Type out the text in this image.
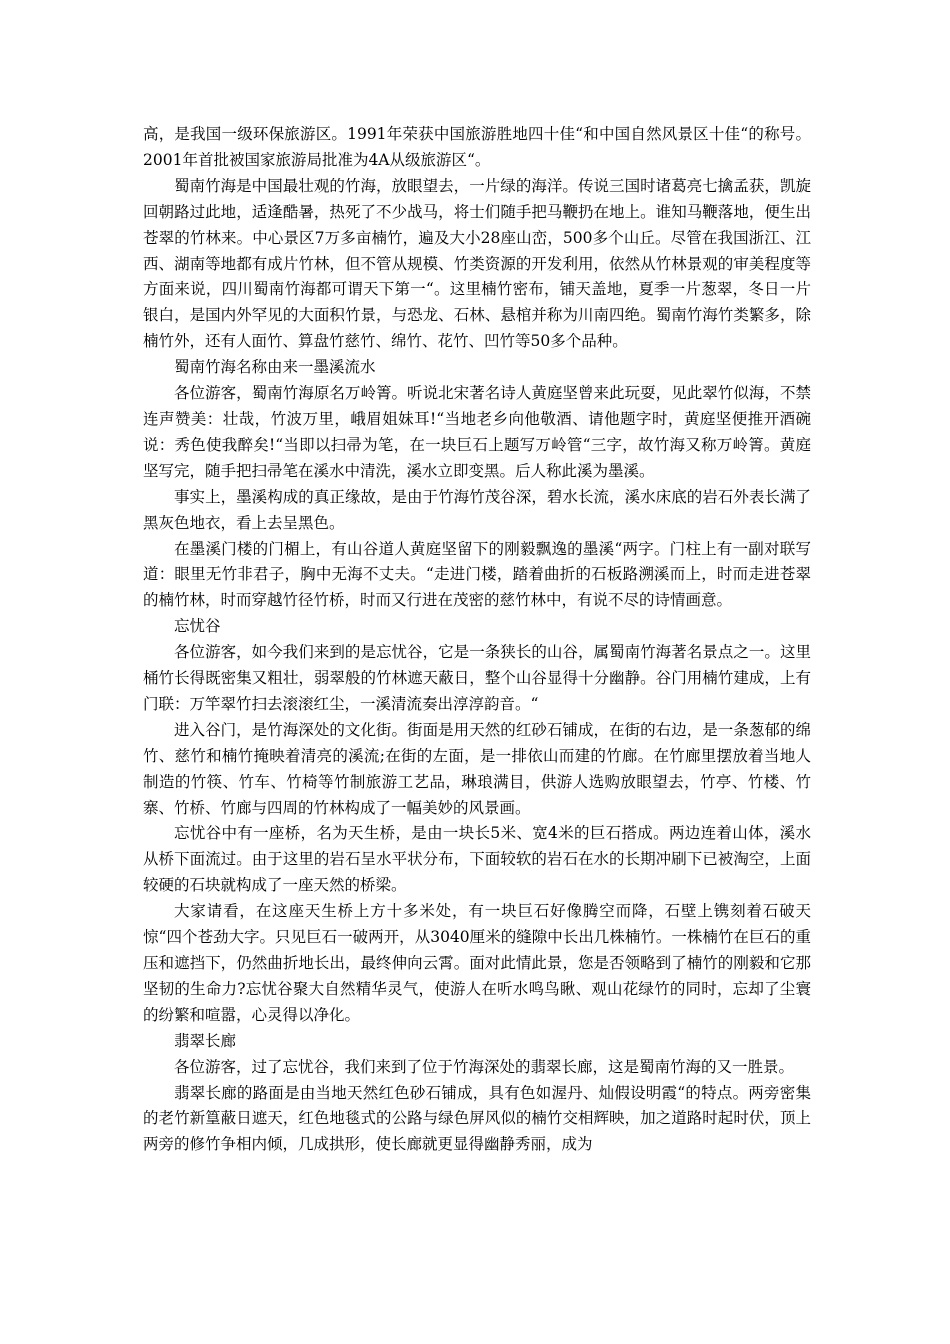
高，是我国一级环保旅游区。1991年荣获中国旅游胜地四十佳“和中国自然风景区十佳“的称号。2001年首批被国家旅游局批准为4A从级旅游区“。

蜀南竹海是中国最壮观的竹海，放眼望去，一片绿的海洋。传说三国时诸葛亮七擒孟获，凯旋回朝路过此地，适逢酷暑，热死了不少战马，将士们随手把马鞭扔在地上。谁知马鞭落地，便生出苍翠的竹林来。中心景区7万多亩楠竹，遍及大小28座山峦，500多个山丘。尽管在我国浙江、江西、湖南等地都有成片竹林，但不管从规模、竹类资源的开发利用，依然从竹林景观的审美程度等方面来说，四川蜀南竹海都可谓天下第一“。这里楠竹密布，铺天盖地，夏季一片葱翠，冬日一片银白，是国内外罕见的大面积竹景，与恐龙、石林、悬棺并称为川南四绝。蜀南竹海竹类繁多，除楠竹外，还有人面竹、算盘竹慈竹、绵竹、花竹、凹竹等50多个品种。

蜀南竹海名称由来一墨溪流水

各位游客，蜀南竹海原名万岭箐。听说北宋著名诗人黄庭坚曾来此玩耍，见此翠竹似海，不禁连声赞美：壮哉，竹波万里，峨眉姐妹耳!“当地老乡向他敬酒、请他题字时，黄庭坚便推开酒碗说：秀色使我醉矣!“当即以扫帚为笔，在一块巨石上题写万岭管“三字，故竹海又称万岭箐。黄庭坚写完，随手把扫帚笔在溪水中清洗，溪水立即变黑。后人称此溪为墨溪。

事实上，墨溪构成的真正缘故，是由于竹海竹茂谷深，碧水长流，溪水床底的岩石外表长满了黑灰色地衣，看上去呈黑色。

在墨溪门楼的门楣上，有山谷道人黄庭坚留下的刚毅飘逸的墨溪“两字。门柱上有一副对联写道：眼里无竹非君子，胸中无海不丈夫。“走进门楼，踏着曲折的石板路溯溪而上，时而走进苍翠的楠竹林，时而穿越竹径竹桥，时而又行进在茂密的慈竹林中，有说不尽的诗情画意。

忘忧谷

各位游客，如今我们来到的是忘忧谷，它是一条狭长的山谷，属蜀南竹海著名景点之一。这里桶竹长得既密集又粗壮，弱翠般的竹林遮天蔽日，整个山谷显得十分幽静。谷门用楠竹建成，上有门联：万竿翠竹扫去滚滚红尘，一溪清流奏出淳淳韵音。“

进入谷门，是竹海深处的文化街。街面是用天然的红砂石铺成，在街的右边，是一条葱郁的绵竹、慈竹和楠竹掩映着清亮的溪流;在街的左面，是一排依山而建的竹廊。在竹廊里摆放着当地人制造的竹筷、竹车、竹椅等竹制旅游工艺品，琳琅满目，供游人选购放眼望去，竹亭、竹楼、竹寨、竹桥、竹廊与四周的竹林构成了一幅美妙的风景画。

忘忧谷中有一座桥，名为天生桥，是由一块长5米、宽4米的巨石搭成。两边连着山体，溪水从桥下面流过。由于这里的岩石呈水平状分布，下面较软的岩石在水的长期冲刷下已被淘空，上面较硬的石块就构成了一座天然的桥梁。

大家请看，在这座天生桥上方十多米处，有一块巨石好像腾空而降，石壁上镌刻着石破天惊“四个苍劲大字。只见巨石一破两开，从3040厘米的缝隙中长出几株楠竹。一株楠竹在巨石的重压和遮挡下，仍然曲折地长出，最终伸向云霄。面对此情此景，您是否领略到了楠竹的刚毅和它那坚韧的生命力?忘忧谷聚大自然精华灵气，使游人在听水鸣鸟瞅、观山花绿竹的同时，忘却了尘寰的纷繁和喧嚣，心灵得以净化。

翡翠长廊

各位游客，过了忘忧谷，我们来到了位于竹海深处的翡翠长廊，这是蜀南竹海的又一胜景。

翡翠长廊的路面是由当地天然红色砂石铺成，具有色如渥丹、灿假设明霞“的特点。两旁密集的老竹新篁蔽日遮天，红色地毯式的公路与绿色屏风似的楠竹交相辉映，加之道路时起时伏，顶上两旁的修竹争相内倾，几成拱形，使长廊就更显得幽静秀丽，成为
